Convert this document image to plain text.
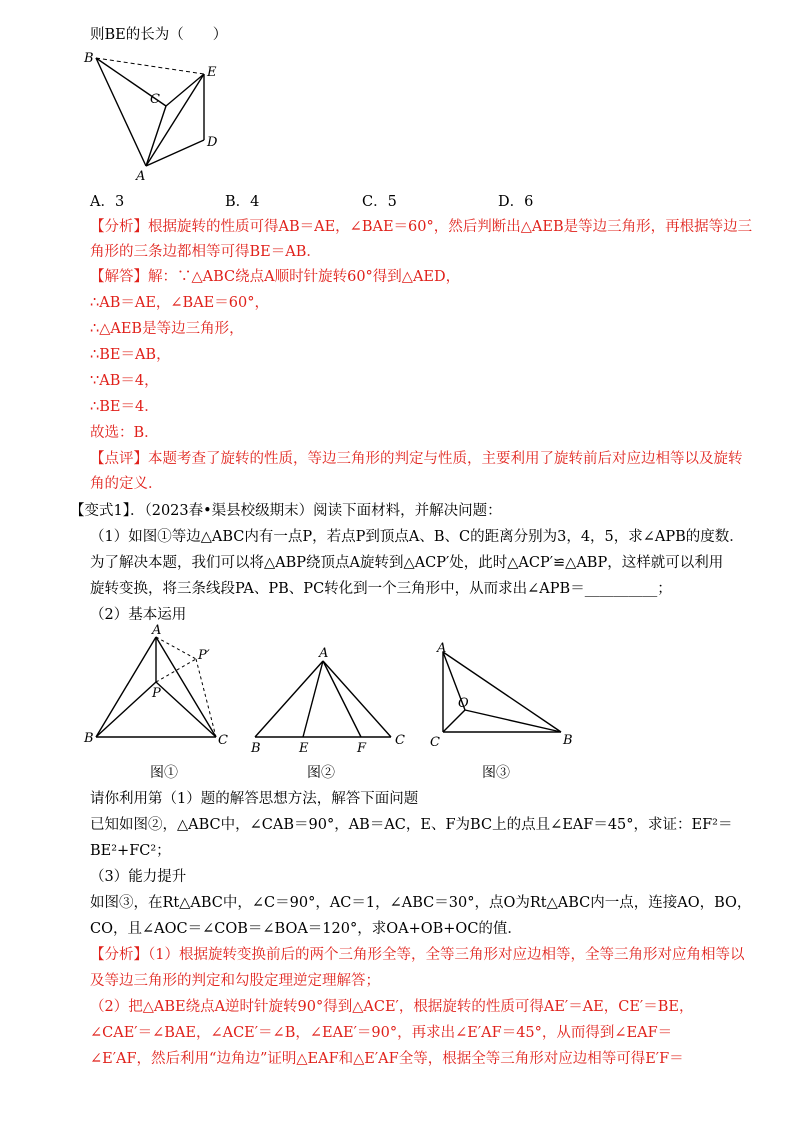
则BE的长为（　　）
B
C
E
D
A
A．3	B．4	C．5	D．6
【分析】根据旋转的性质可得AB＝AE，∠BAE＝60°，然后判断出△AEB是等边三角形，再根据等边三
角形的三条边都相等可得BE＝AB．
【解答】解：∵△ABC绕点A顺时针旋转60°得到△AED，
∴AB＝AE，∠BAE＝60°，
∴△AEB是等边三角形，
∴BE＝AB，
∵AB＝4，
∴BE＝4．
故选：B．
【点评】本题考查了旋转的性质，等边三角形的判定与性质，主要利用了旋转前后对应边相等以及旋转
角的定义．
【变式1】．（2023春•渠县校级期末）阅读下面材料，并解决问题：
（1）如图①等边△ABC内有一点P，若点P到顶点A、B、C的距离分别为3，4，5，求∠APB的度数．
为了解决本题，我们可以将△ABP绕顶点A旋转到△ACP′处，此时△ACP′≌△ABP，这样就可以利用
旋转变换，将三条线段PA、PB、PC转化到一个三角形中，从而求出∠APB＝__________；
（2）基本运用
A
P
P′
B	C
图①
A
B	E	F
C
图②
A
O
C	B
图③
请你利用第（1）题的解答思想方法，解答下面问题
已知如图②，△ABC中，∠CAB＝90°，AB＝AC，E、F为BC上的点且∠EAF＝45°，求证：EF²＝
BE²+FC²；
（3）能力提升
如图③，在Rt△ABC中，∠C＝90°，AC＝1，∠ABC＝30°，点O为Rt△ABC内一点，连接AO，BO，
CO，且∠AOC＝∠COB＝∠BOA＝120°，求OA+OB+OC的值．
【分析】（1）根据旋转变换前后的两个三角形全等，全等三角形对应边相等，全等三角形对应角相等以
及等边三角形的判定和勾股定理逆定理解答；
（2）把△ABE绕点A逆时针旋转90°得到△ACE′，根据旋转的性质可得AE′＝AE，CE′＝BE，
∠CAE′＝∠BAE，∠ACE′＝∠B，∠EAE′＝90°，再求出∠E′AF＝45°，从而得到∠EAF＝
∠E′AF，然后利用“边角边”证明△EAF和△E′AF全等，根据全等三角形对应边相等可得E′F＝
